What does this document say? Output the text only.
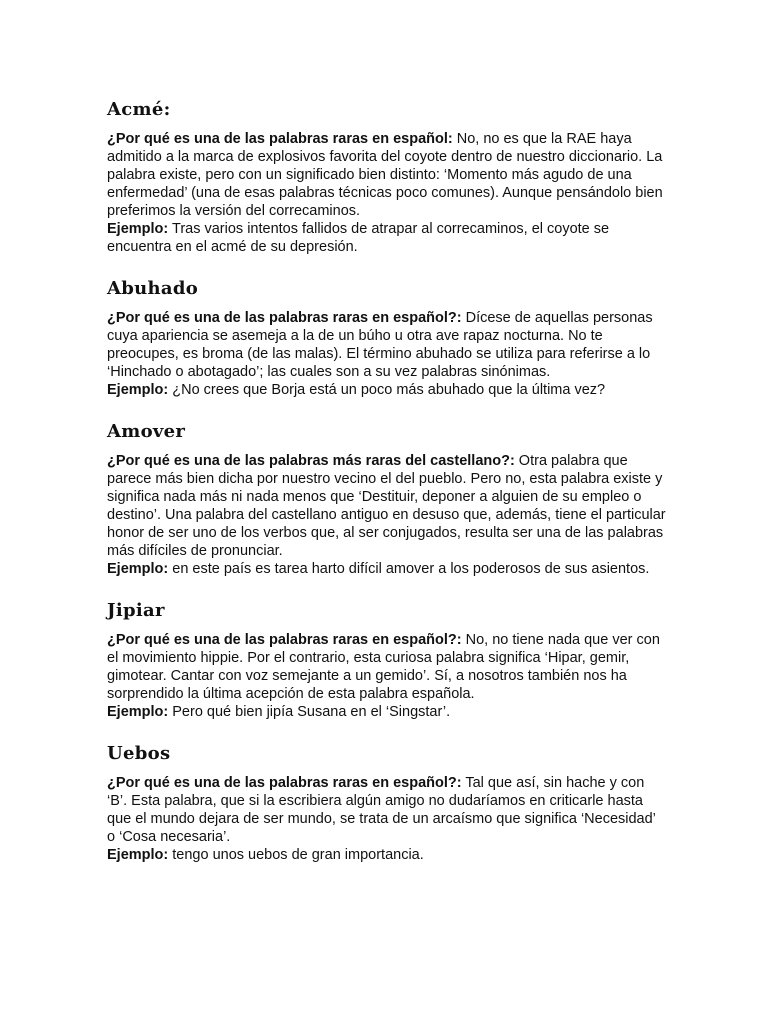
Acmé:

¿Por qué es una de las palabras raras en español: No, no es que la RAE haya admitido a la marca de explosivos favorita del coyote dentro de nuestro diccionario. La palabra existe, pero con un significado bien distinto: ‘Momento más agudo de una enfermedad’ (una de esas palabras técnicas poco comunes). Aunque pensándolo bien preferimos la versión del correcaminos.
Ejemplo: Tras varios intentos fallidos de atrapar al correcaminos, el coyote se encuentra en el acmé de su depresión.

Abuhado

¿Por qué es una de las palabras raras en español?: Dícese de aquellas personas cuya apariencia se asemeja a la de un búho u otra ave rapaz nocturna. No te preocupes, es broma (de las malas). El término abuhado se utiliza para referirse a lo ‘Hinchado o abotagado’; las cuales son a su vez palabras sinónimas.
Ejemplo: ¿No crees que Borja está un poco más abuhado que la última vez?

Amover

¿Por qué es una de las palabras más raras del castellano?: Otra palabra que parece más bien dicha por nuestro vecino el del pueblo. Pero no, esta palabra existe y significa nada más ni nada menos que ‘Destituir, deponer a alguien de su empleo o destino’. Una palabra del castellano antiguo en desuso que, además, tiene el particular honor de ser uno de los verbos que, al ser conjugados, resulta ser una de las palabras más difíciles de pronunciar.
Ejemplo: en este país es tarea harto difícil amover a los poderosos de sus asientos.

Jipiar

¿Por qué es una de las palabras raras en español?: No, no tiene nada que ver con el movimiento hippie. Por el contrario, esta curiosa palabra significa ‘Hipar, gemir, gimotear. Cantar con voz semejante a un gemido’. Sí, a nosotros también nos ha sorprendido la última acepción de esta palabra española.
Ejemplo: Pero qué bien jipía Susana en el ‘Singstar’.

Uebos

¿Por qué es una de las palabras raras en español?: Tal que así, sin hache y con ‘B’. Esta palabra, que si la escribiera algún amigo no dudaríamos en criticarle hasta que el mundo dejara de ser mundo, se trata de un arcaísmo que significa ‘Necesidad’ o ‘Cosa necesaria’.
Ejemplo: tengo unos uebos de gran importancia.
